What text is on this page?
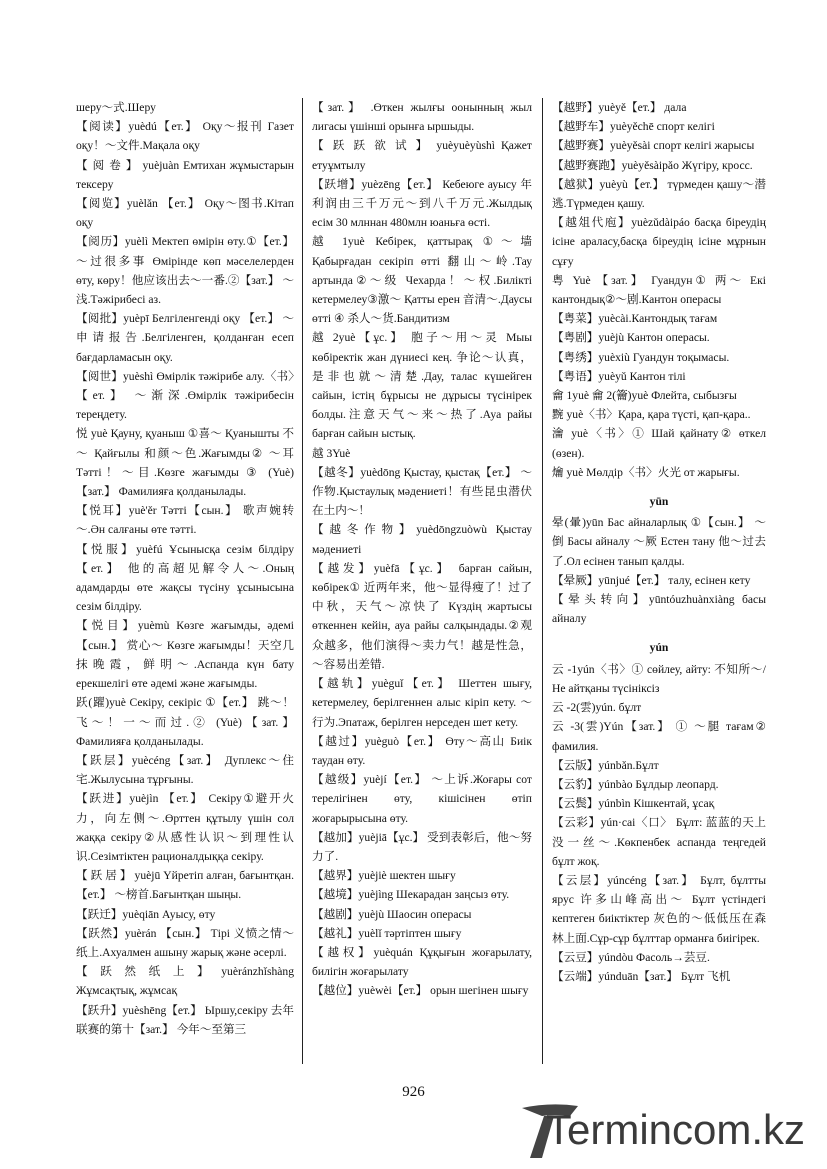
шеру～式.Шеру

【阅读】yuèdú【ет.】 Оқу～报刊 Газет оқу！～文件.Мақала оқу

【 阅 卷 】 yuèjuàn Емтихан жұмыстарын тексеру

【阅览】yuèlǎn 【ет.】 Оқу～图书.Кітап оқу

【阅历】yuèlì Мектеп өмірін өту.①【ет.】 ～过很多事 Өмірінде көп мәселелерден өту, көру！他应该出去～一番.②【зат.】 ～浅.Тәжірибесі аз.

【阅批】yuèpī Белгіленгенді оқу 【ет.】 ～申请报告.Белгіленген, қолданған есеп бағдарламасын оқу.

【阅世】yuèshì Өмірлік тәжірибе алу.〈书〉【ет.】 ～渐深.Өмірлік тәжірибесін тереңдету.

悦 yuè Қауну, қуаныш ①喜～ Қуанышты 不～ Қайғылы 和颜～色.Жағымды② ～耳 Тәтті！～目.Көзге жағымды ③ (Yuè)【зат.】 Фамилияға қолданылады.

【悦耳】yuè'ěr Тәтті【сын.】 歌声婉转～.Ән салғаны өте тәтті.

【悦服】yuèfú Ұсынысқа сезім білдіру【ет.】 他的高超见解令人～.Оның адамдарды өте жақсы түсіну ұсынысына сезім білдіру.

【悦目】yuèmù Көзге жағымды, әдемі【сын.】 赏心～ Көзге жағымды！天空几抹晚霞，鲜明～.Аспанда күн бату ерекшелігі өте әдемі және жағымды.

跃(躍)yuè Секіру, секіріс ①【ет.】 跳～！飞～！一～而过.② (Yuè)【зат.】 Фамилияға қолданылады.

【跃层】yuècéng【зат.】 Дуплекс～住宅.Жылусына тұрғыны.

【跃进】yuèjìn 【ет.】 Секіру①避开火力，向左侧～.Өрттен құтылу үшін сол жаққа секіру②从感性认识～到理性认识.Сезімтіктен рационалдыққа секіру.

【 跃 居 】 yuèjū Үйретіп алған, бағынтқан.【ет.】 ～榜首.Бағынтқан шыңы.

【跃迁】yuèqiān Ауысу, өту

【跃然】yuèrán 【сын.】 Тірі 义愤之情～纸上.Ахуалмен ашыну жарық және әсерлі.

【 跃 然 纸 上 】 yuèránzhǐshàng Жұмсақтық, жұмсақ

【跃升】yuèshēng【ет.】 Ыршу,секіру 去年联赛的第十【зат.】 今年～至第三

【зат.】 .Өткен жылғы оонынның жыл лигасы үшінші орынға ыршыды.

【 跃 跃 欲 试 】 yuèyuèyùshì Қажет етуұмтылу

【跃增】yuèzēng【ет.】 Кебеюге ауысу 年利润由三千万元～到八千万元.Жылдық есім 30 млннан 480млн юаньға өсті.

越 1yuè Кебірек, қаттырақ ①～墙 Қабырғадан секіріп өтті 翻山～岭.Тау артында②～级 Чехарда！～权.Биліктi кетермелеу③激～ Қатты ерен 音清～.Даусы өтті ④ 杀人～货.Бандитизм

越 2yuè【ұс.】 胞子～用～灵 Мыы көбіректік жан дүниесі кең. 争论～认真，是非也就～清楚.Дау, талас күшейген сайын, істің бұрысы не дұрысы түсінірек болды.注意天气～来～热了.Ауа райы барған сайын ыстық.

越 3Yuè

【越冬】yuèdōng Қыстау, қыстақ【ет.】 ～作物.Қыстаулық мәдениеті！有些昆虫潜伏在土内～！

【越冬作物】yuèdōngzuòwù Қыстау мәдениеті

【越发】yuèfā【ұс.】 барған сайын, көбірек① 近两年来，他～显得瘦了！过了中秋，天气～凉快了 Күздің жартысы өткеннен кейін, ауа райы салқындады.②观众越多，他们演得～卖力气！越是性急，～容易出差错.

【越轨】yuèguǐ【ет.】 Шеттен шығу, кетермелеу, берілгеннен алыс кіріп кету. ～行为.Эпатаж, берілген нерседен шет кету.

【越过】yuèguò【ет.】 Өту～高山 Биік таудан өту.

【越级】yuèjí【ет.】 ～上诉.Жоғары сот терелігінен өту, кішісінен өтіп жоғарырысына өту.

【越加】yuèjiā【ұс.】 受到表彰后，他～努力了.

【越界】yuèjiè шектен шығу

【越境】yuèjìng Шекарадан заңсыз өту.

【越剧】yuèjù Шаосин операсы

【越礼】yuèlǐ тәртіптен шығу

【越权】yuèquán Құқығын жоғарылату, билігін жоғарылату

【越位】yuèwèi【ет.】 орын шегінен шығу

【越野】yuèyě【ет.】 дала

【越野车】yuèyěchē спорт келігі

【越野赛】yuèyěsài спорт келігі жарысы

【越野赛跑】yuèyěsàipǎo Жүгіру, кросс.

【越狱】yuèyù【ет.】 түрмеден қашу～潜逃.Түрмеден қашу.

【越俎代庖】yuèzǔdàipáo басқа біреудің ісіне араласу,басқа біреудің ісіне мұрнын сұғу

粤 Yuè 【зат.】 Гуандун① 两～ Екі кантондық②～剧.Кантон операсы

【粤菜】yuècài.Кантондық тағам

【粤剧】yuèjù Кантон операсы.

【粤绣】yuèxiù Гуандун тоқымасы.

【粤语】yuèyǔ Кантон тілі

龠 1yuè 龠 2(籥)yuè Флейта, сыбызғы

黦 yuè〈书〉Қара, қара түсті, қап-қара..

瀹 yuè〈书〉① Шай қайнату② өткел (өзен).

爚 yuè Мөлдір〈书〉火光 от жарығы.

yūn

晕(暈)yūn Бас айналарлық ①【сын.】 ～倒 Басы айналу ～厥 Естен тану 他～过去了.Ол есінен танып қалды.

【晕厥】yūnjué【ет.】 талу, есінен кету

【晕头转向】yūntóuzhuànxiàng басы айналу

yún

云 -1yún〈书〉① сөйлеу, айту: 不知所～/ Не айтқаны түсініксіз

云 -2(雲)yún. бұлт

云 -3(雲)Yún【зат.】 ① ～腿 тағам② фамилия.

【云版】yúnbǎn.Бұлт

【云豹】yúnbào Бұлдыр леопард.

【云鬓】yúnbìn Кішкентай, ұсақ

【云彩】yún·cai〈口〉 Бұлт: 蓝蓝的天上没一丝～.Көкпенбек аспанда теңгедей бұлт жоқ.

【云层】yúncéng【зат.】 Бұлт, бұлтты ярус 许多山峰高出～ Бұлт үстіндегі кептеген биіктіктер 灰色的～低低压在森林上面.Сұр-сұр бұлттар орманға биігірек.

【云豆】yúndòu Фасоль→芸豆.

【云端】yúnduān【зат.】 Бұлт 飞机

926
Termincom.kz
